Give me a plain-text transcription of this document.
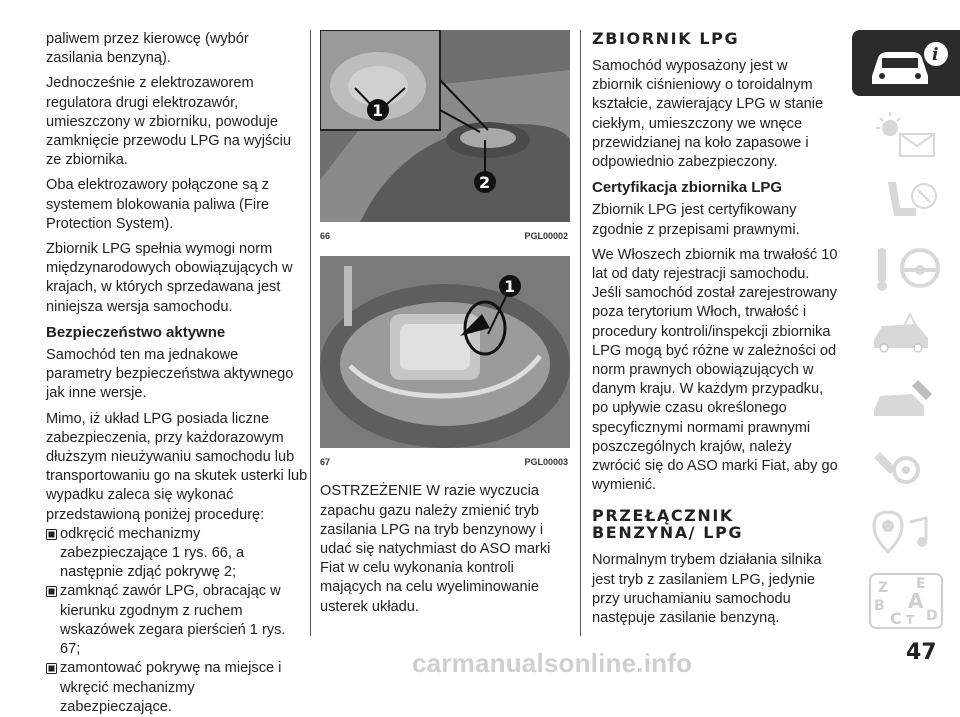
paliwem przez kierowcę (wybór zasilania benzyną).

Jednocześnie z elektrozaworem regulatora drugi elektrozawór, umieszczony w zbiorniku, powoduje zamknięcie przewodu LPG na wyjściu ze zbiornika.

Oba elektrozawory połączone są z systemem blokowania paliwa (Fire Protection System).

Zbiornik LPG spełnia wymogi norm międzynarodowych obowiązujących w krajach, w których sprzedawana jest niniejsza wersja samochodu.

Bezpieczeństwo aktywne

Samochód ten ma jednakowe parametry bezpieczeństwa aktywnego jak inne wersje.

Mimo, iż układ LPG posiada liczne zabezpieczenia, przy każdorazowym dłuższym nieużywaniu samochodu lub transportowaniu go na skutek usterki lub wypadku zaleca się wykonać przedstawioną poniżej procedurę:

odkręcić mechanizmy zabezpieczające 1 rys. 66, a następnie zdjąć pokrywę 2;
zamknąć zawór LPG, obracając w kierunku zgodnym z ruchem wskazówek zegara pierścień 1 rys. 67;
zamontować pokrywę na miejsce i wkręcić mechanizmy zabezpieczające.
1
2
66	PGL00002
1
67	PGL00003

OSTRZEŻENIE W razie wyczucia zapachu gazu należy zmienić tryb zasilania LPG na tryb benzynowy i udać się natychmiast do ASO marki Fiat w celu wykonania kontroli mających na celu wyeliminowanie usterek układu.

ZBIORNIK LPG

Samochód wyposażony jest w zbiornik ciśnieniowy o toroidalnym kształcie, zawierający LPG w stanie ciekłym, umieszczony we wnęce przewidzianej na koło zapasowe i odpowiednio zabezpieczony.

Certyfikacja zbiornika LPG

Zbiornik LPG jest certyfikowany zgodnie z przepisami prawnymi.

We Włoszech zbiornik ma trwałość 10 lat od daty rejestracji samochodu. Jeśli samochód został zarejestrowany poza terytorium Włoch, trwałość i procedury kontroli/inspekcji zbiornika LPG mogą być różne w zależności od norm prawnych obowiązujących w danym kraju. W każdym przypadku, po upływie czasu określonego specyficznymi normami prawnymi poszczególnych krajów, należy zwrócić się do ASO marki Fiat, aby go wymienić.

PRZEŁĄCZNIK BENZYNA/ LPG

Normalnym trybem działania silnika jest tryb z zasilaniem LPG, jedynie przy uruchamianiu samochodu następuje zasilanie benzyną.

i
Z E
B A
C T D
carmanualsonline.info	47
